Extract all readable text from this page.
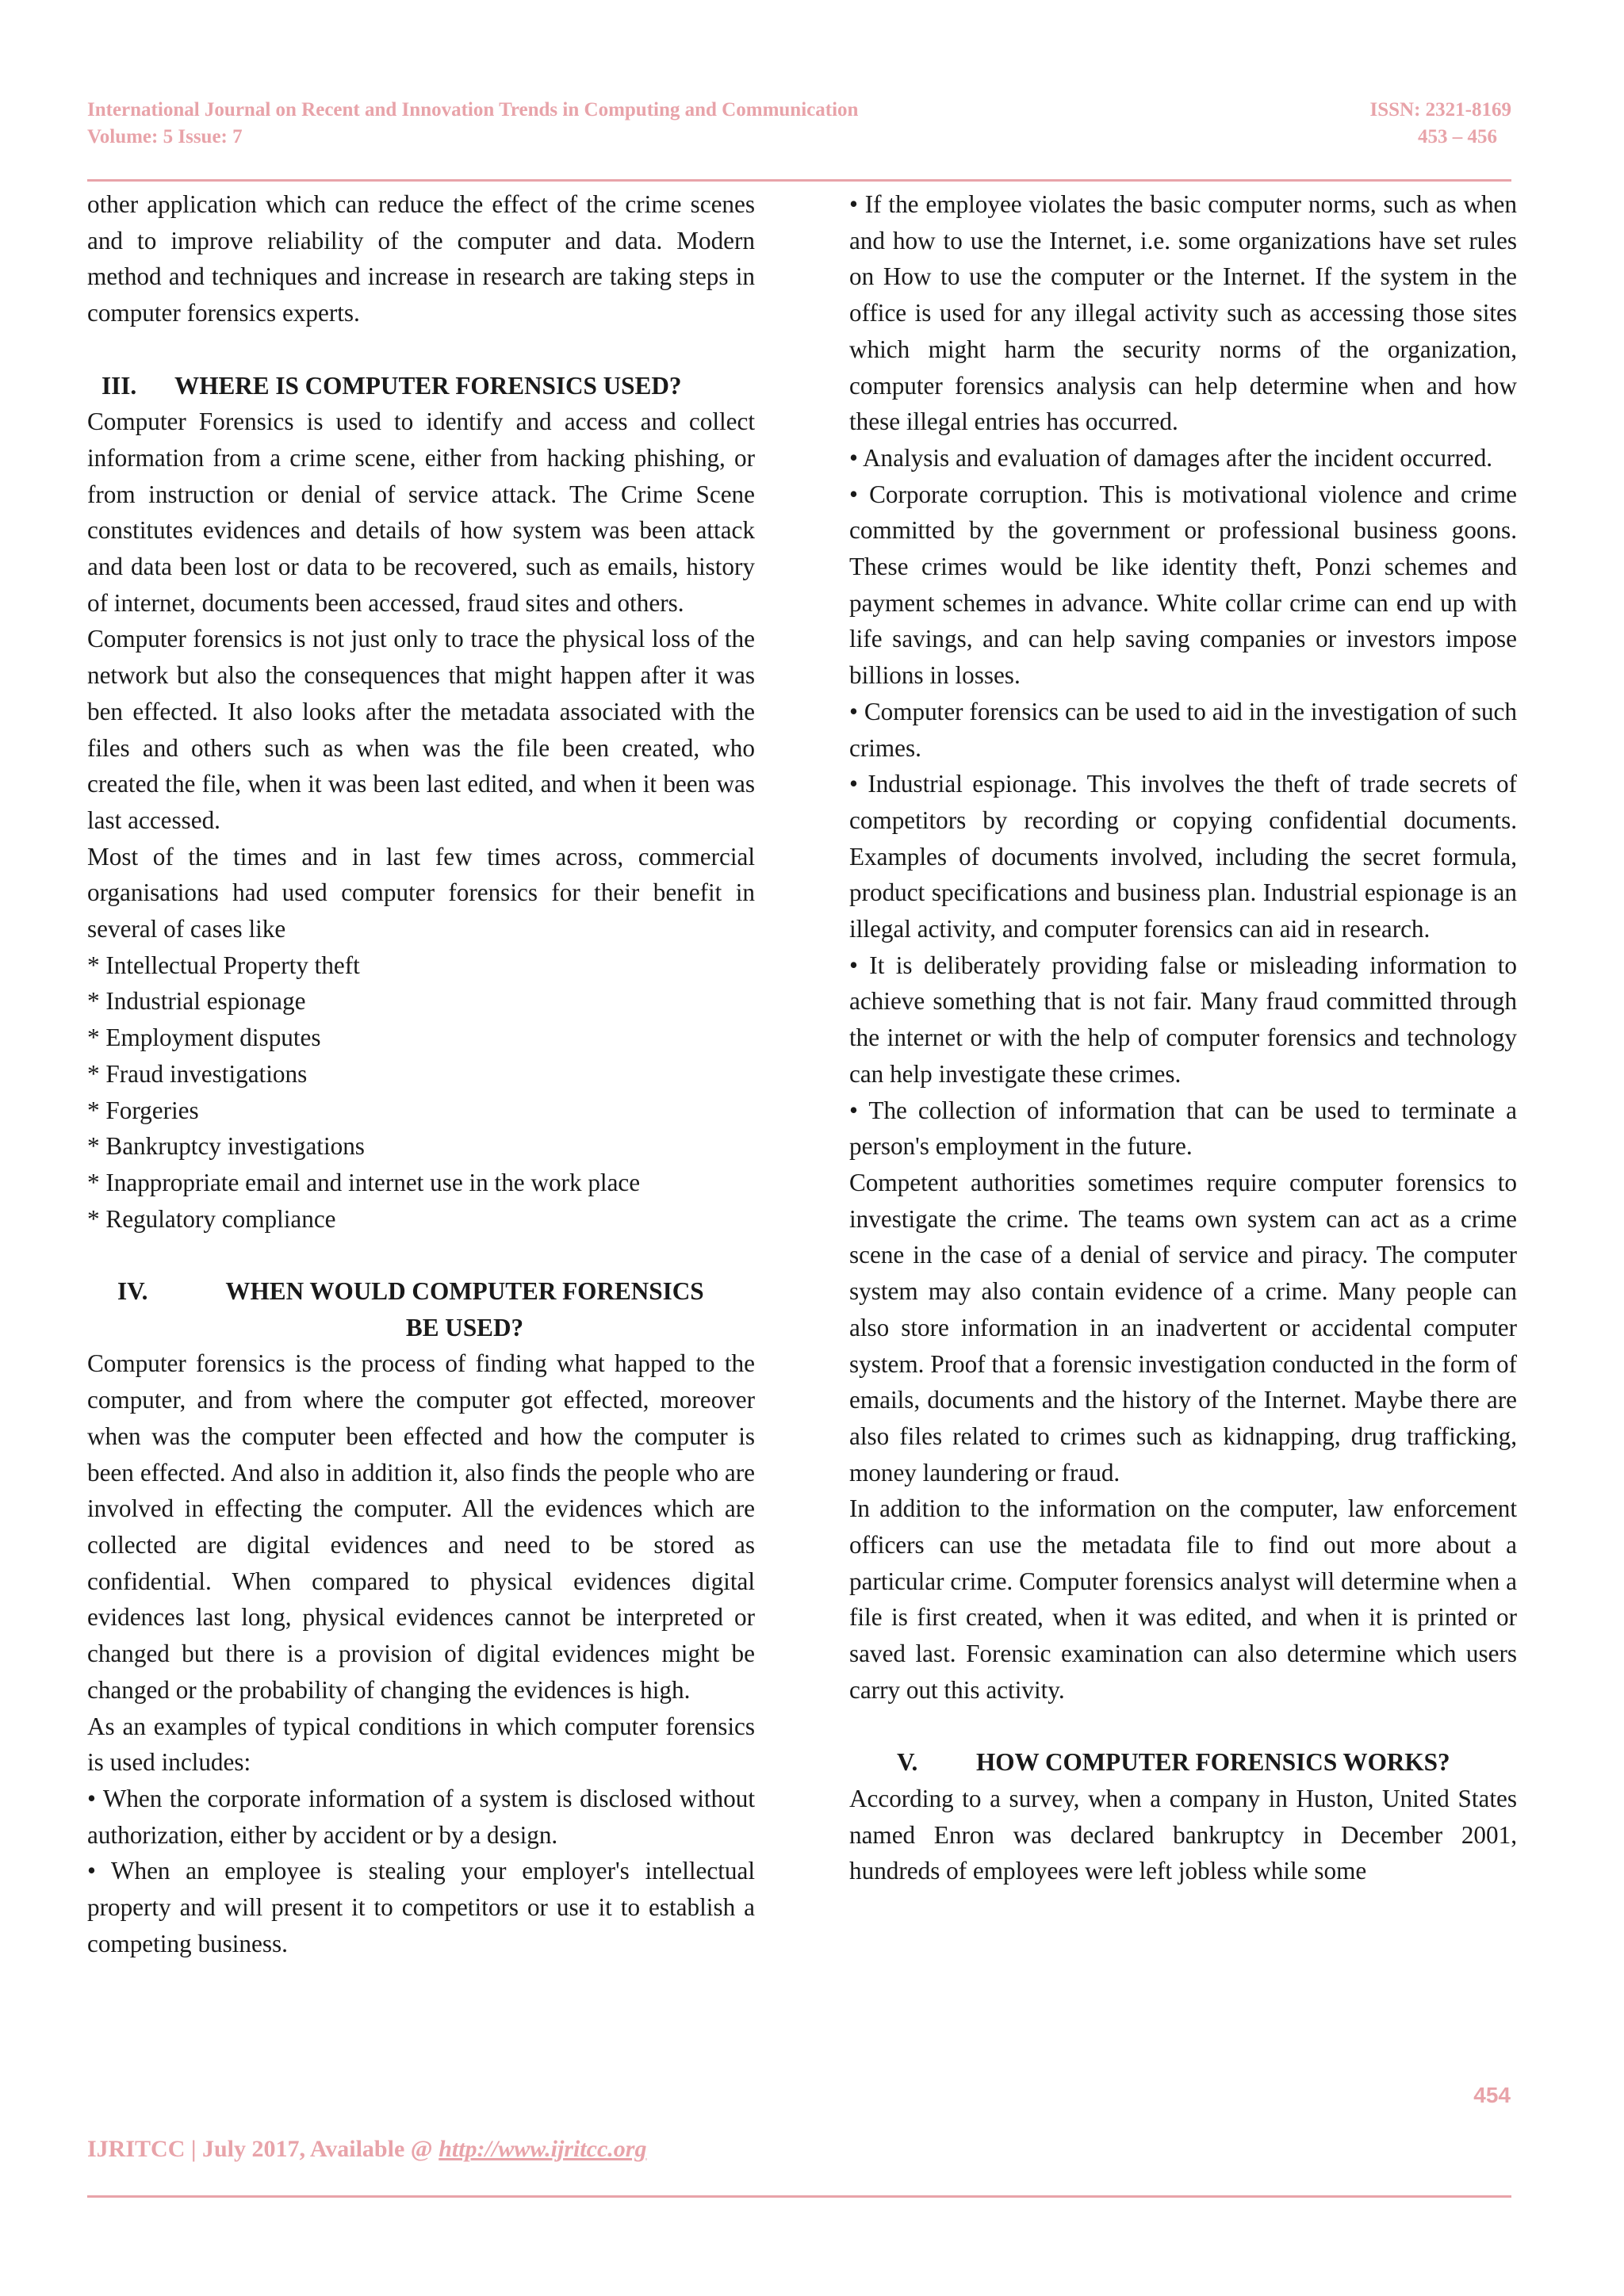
International Journal on Recent and Innovation Trends in Computing and Communication
Volume: 5 Issue: 7
ISSN: 2321-8169
453 – 456

other application which can reduce the effect of the crime scenes and to improve reliability of the computer and data. Modern method and techniques and increase in research are taking steps in computer forensics experts.

III.	WHERE IS COMPUTER FORENSICS USED?

Computer Forensics is used to identify and access and collect information from a crime scene, either from hacking phishing, or from instruction or denial of service attack. The Crime Scene constitutes evidences and details of how system was been attack and data been lost or data to be recovered, such as emails, history of internet, documents been accessed, fraud sites and others.

Computer forensics is not just only to trace the physical loss of the network but also the consequences that might happen after it was ben effected. It also looks after the metadata associated with the files and others such as when was the file been created, who created the file, when it was been last edited, and when it been was last accessed.

Most of the times and in last few times across, commercial organisations had used computer forensics for their benefit in several of cases like

* Intellectual Property theft

* Industrial espionage

* Employment disputes

* Fraud investigations

* Forgeries

* Bankruptcy investigations

* Inappropriate email and internet use in the work place

* Regulatory compliance

IV.	WHEN WOULD COMPUTER FORENSICS
BE USED?

Computer forensics is the process of finding what happed to the computer, and from where the computer got effected, moreover when was the computer been effected and how the computer is been effected. And also in addition it, also finds the people who are involved in effecting the computer. All the evidences which are collected are digital evidences and need to be stored as confidential. When compared to physical evidences digital evidences last long, physical evidences cannot be interpreted or changed but there is a provision of digital evidences might be changed or the probability of changing the evidences is high.

As an examples of typical conditions in which computer forensics is used includes:

• When the corporate information of a system is disclosed without authorization, either by accident or by a design.

• When an employee is stealing your employer's intellectual property and will present it to competitors or use it to establish a competing business.

• If the employee violates the basic computer norms, such as when and how to use the Internet, i.e. some organizations have set rules on How to use the computer or the Internet. If the system in the office is used for any illegal activity such as accessing those sites which might harm the security norms of the organization, computer forensics analysis can help determine when and how these illegal entries has occurred.

• Analysis and evaluation of damages after the incident occurred.

• Corporate corruption. This is motivational violence and crime committed by the government or professional business goons. These crimes would be like identity theft, Ponzi schemes and payment schemes in advance. White collar crime can end up with life savings, and can help saving companies or investors impose billions in losses.

• Computer forensics can be used to aid in the investigation of such crimes.

• Industrial espionage. This involves the theft of trade secrets of competitors by recording or copying confidential documents. Examples of documents involved, including the secret formula, product specifications and business plan. Industrial espionage is an illegal activity, and computer forensics can aid in research.

• It is deliberately providing false or misleading information to achieve something that is not fair. Many fraud committed through the internet or with the help of computer forensics and technology can help investigate these crimes.

• The collection of information that can be used to terminate a person's employment in the future.

Competent authorities sometimes require computer forensics to investigate the crime. The teams own system can act as a crime scene in the case of a denial of service and piracy. The computer system may also contain evidence of a crime. Many people can also store information in an inadvertent or accidental computer system. Proof that a forensic investigation conducted in the form of emails, documents and the history of the Internet. Maybe there are also files related to crimes such as kidnapping, drug trafficking, money laundering or fraud.

In addition to the information on the computer, law enforcement officers can use the metadata file to find out more about a particular crime. Computer forensics analyst will determine when a file is first created, when it was edited, and when it is printed or saved last. Forensic examination can also determine which users carry out this activity.

V.	HOW COMPUTER FORENSICS WORKS?

According to a survey, when a company in Huston, United States named Enron was declared bankruptcy in December 2001, hundreds of employees were left jobless while some

454
IJRITCC | July 2017, Available @ http://www.ijritcc.org
